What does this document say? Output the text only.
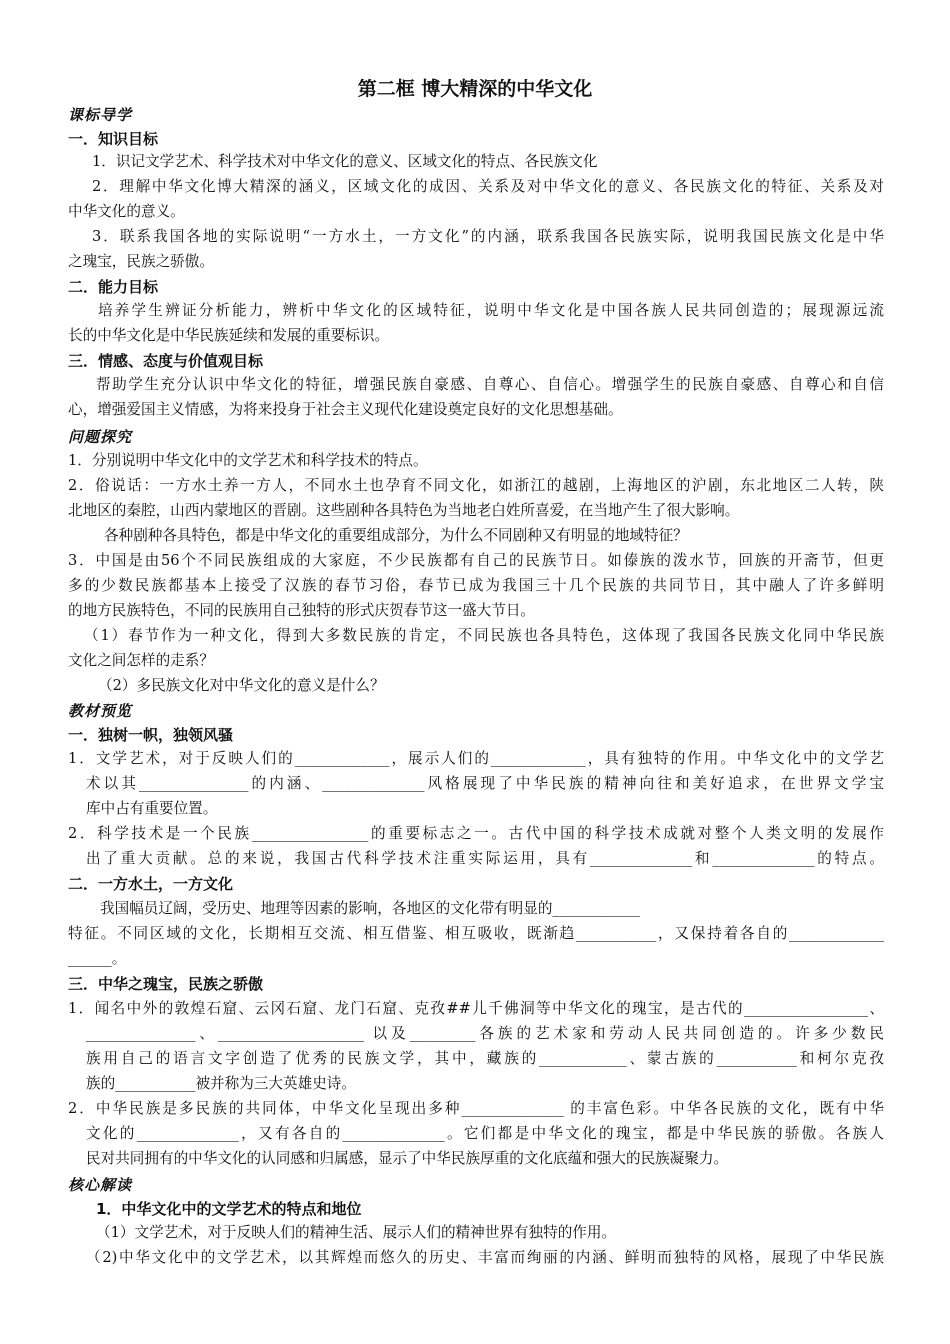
第二框 博大精深的中华文化
课标导学
一．知识目标
1．识记文学艺术、科学技术对中华文化的意义、区域文化的特点、各民族文化
2．理解中华文化博大精深的涵义，区域文化的成因、关系及对中华文化的意义、各民族文化的特征、关系及对
中华文化的意义。
3．联系我国各地的实际说明“一方水土，一方文化”的内涵，联系我国各民族实际，说明我国民族文化是中华
之瑰宝，民族之骄傲。
二．能力目标
培养学生辨证分析能力，辨析中华文化的区域特征，说明中华文化是中国各族人民共同创造的；展现源远流
长的中华文化是中华民族延续和发展的重要标识。
三．情感、态度与价值观目标
帮助学生充分认识中华文化的特征，增强民族自豪感、自尊心、自信心。增强学生的民族自豪感、自尊心和自信
心，增强爱国主义情感，为将来投身于社会主义现代化建设奠定良好的文化思想基础。
问题探究
1．分别说明中华文化中的文学艺术和科学技术的特点。
2．俗说话：一方水土养一方人，不同水土也孕育不同文化，如浙江的越剧，上海地区的沪剧，东北地区二人转，陕
北地区的秦腔，山西内蒙地区的晋剧。这些剧种各具特色为当地老白姓所喜爱，在当地产生了很大影响。
各种剧种各具特色，都是中华文化的重要组成部分，为什么不同剧种又有明显的地域特征？
3．中国是由56个不同民族组成的大家庭，不少民族都有自己的民族节日。如傣族的泼水节，回族的开斋节，但更
多的少数民族都基本上接受了汉族的春节习俗，春节已成为我国三十几个民族的共同节日，其中融人了许多鲜明
的地方民族特色，不同的民族用自己独特的形式庆贺春节这一盛大节日。
（1）春节作为一种文化，得到大多数民族的肯定，不同民族也各具特色，这体现了我国各民族文化同中华民族
文化之间怎样的走系？
（2）多民族文化对中华文化的意义是什么？
教材预览
一．独树一帜，独领风骚
1．文学艺术，对于反映人们的_____________，展示人们的_____________，具有独特的作用。中华文化中的文学艺
术以其_______________的内涵、______________风格展现了中华民族的精神向往和美好追求，在世界文学宝
库中占有重要位置。
2．科学技术是一个民族________________的重要标志之一。古代中国的科学技术成就对整个人类文明的发展作
出了重大贡献。总的来说，我国古代科学技术注重实际运用，具有______________和______________的特点。
二．一方水土，一方文化
我国幅员辽阔，受历史、地理等因素的影响，各地区的文化带有明显的____________
特征。不同区域的文化，长期相互交流、相互借鉴、相互吸收，既渐趋___________，又保持着各自的_____________
______。
三．中华之瑰宝，民族之骄傲
1．闻名中外的敦煌石窟、云冈石窟、龙门石窟、克孜##儿千佛洞等中华文化的瑰宝，是古代的_________________、
_______________、____________________ 以及_________各族的艺术家和劳动人民共同创造的。许多少数民
族用自己的语言文字创造了优秀的民族文学，其中，藏族的____________、蒙古族的___________和柯尔克孜
族的___________被并称为三大英雄史诗。
2．中华民族是多民族的共同体，中华文化呈现出多种______________ 的丰富色彩。中华各民族的文化，既有中华
文化的______________，又有各自的______________。它们都是中华文化的瑰宝，都是中华民族的骄傲。各族人
民对共同拥有的中华文化的认同感和归属感，显示了中华民族厚重的文化底蕴和强大的民族凝聚力。
核心解读
1．中华文化中的文学艺术的特点和地位
（1）文学艺术，对于反映人们的精神生活、展示人们的精神世界有独特的作用。
（2)中华文化中的文学艺术，以其辉煌而悠久的历史、丰富而绚丽的内涵、鲜明而独特的风格，展现了中华民族
